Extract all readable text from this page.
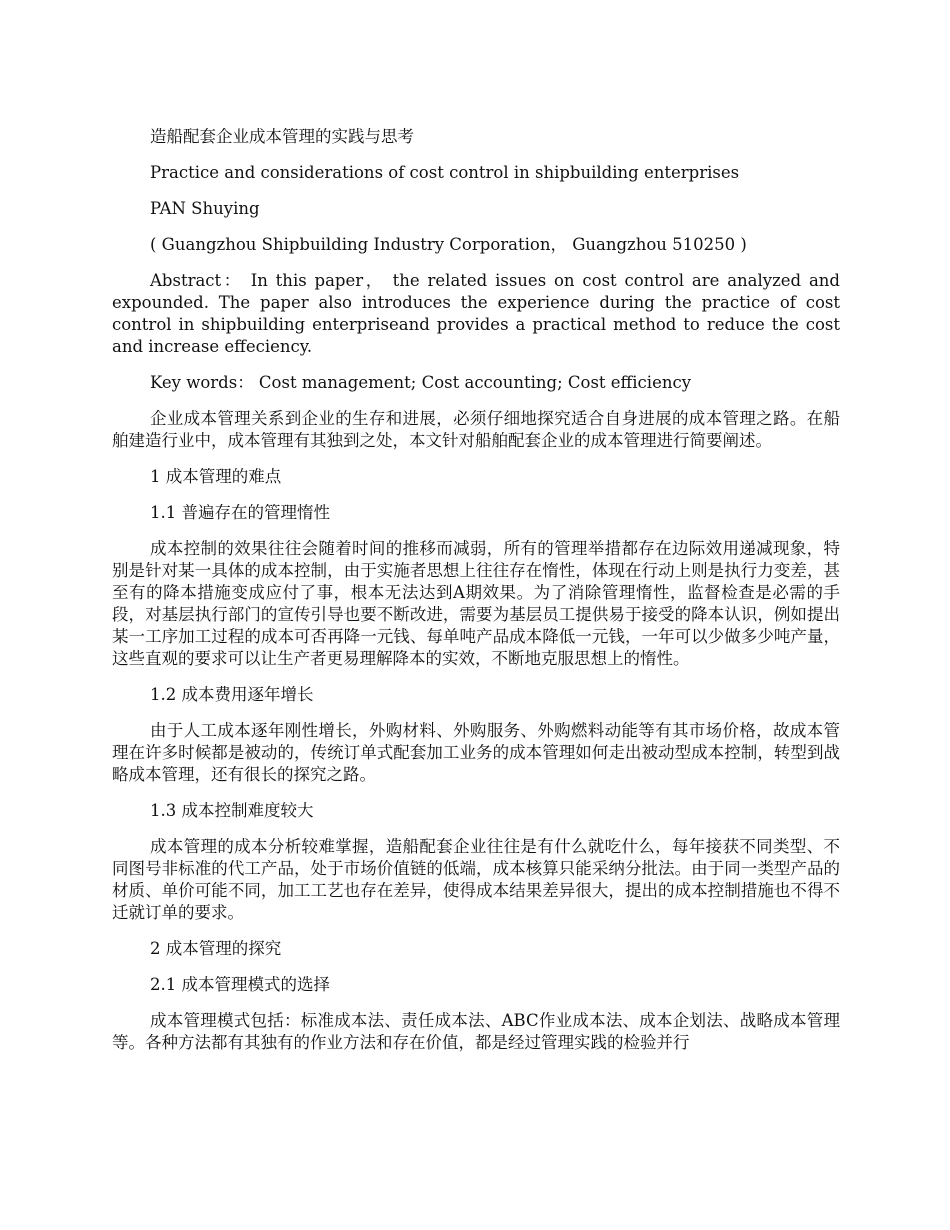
造船配套企业成本管理的实践与思考

Practice and considerations of cost control in shipbuilding enterprises

PAN Shuying

( Guangzhou Shipbuilding Industry Corporation， Guangzhou 510250 )

Abstract： In this paper， the related issues on cost control are analyzed and expounded. The paper also introduces the experience during the practice of cost control in shipbuilding enterpriseand provides a practical method to reduce the cost and increase effeciency.

Key words： Cost management; Cost accounting; Cost efficiency

企业成本管理关系到企业的生存和进展，必须仔细地探究适合自身进展的成本管理之路。在船舶建造行业中，成本管理有其独到之处，本文针对船舶配套企业的成本管理进行简要阐述。

1 成本管理的难点

1.1 普遍存在的管理惰性

成本控制的效果往往会随着时间的推移而减弱，所有的管理举措都存在边际效用递减现象，特别是针对某一具体的成本控制，由于实施者思想上往往存在惰性，体现在行动上则是执行力变差，甚至有的降本措施变成应付了事，根本无法达到A期效果。为了消除管理惰性，监督检查是必需的手段，对基层执行部门的宣传引导也要不断改进，需要为基层员工提供易于接受的降本认识，例如提出某一工序加工过程的成本可否再降一元钱、每单吨产品成本降低一元钱，一年可以少做多少吨产量，这些直观的要求可以让生产者更易理解降本的实效，不断地克服思想上的惰性。

1.2 成本费用逐年增长

由于人工成本逐年刚性增长，外购材料、外购服务、外购燃料动能等有其市场价格，故成本管理在许多时候都是被动的，传统订单式配套加工业务的成本管理如何走出被动型成本控制，转型到战略成本管理，还有很长的探究之路。

1.3 成本控制难度较大

成本管理的成本分析较难掌握，造船配套企业往往是有什么就吃什么，每年接获不同类型、不同图号非标准的代工产品，处于市场价值链的低端，成本核算只能采纳分批法。由于同一类型产品的材质、单价可能不同，加工工艺也存在差异，使得成本结果差异很大，提出的成本控制措施也不得不迁就订单的要求。

2 成本管理的探究

2.1 成本管理模式的选择

成本管理模式包括：标准成本法、责任成本法、ABC作业成本法、成本企划法、战略成本管理等。各种方法都有其独有的作业方法和存在价值，都是经过管理实践的检验并行
